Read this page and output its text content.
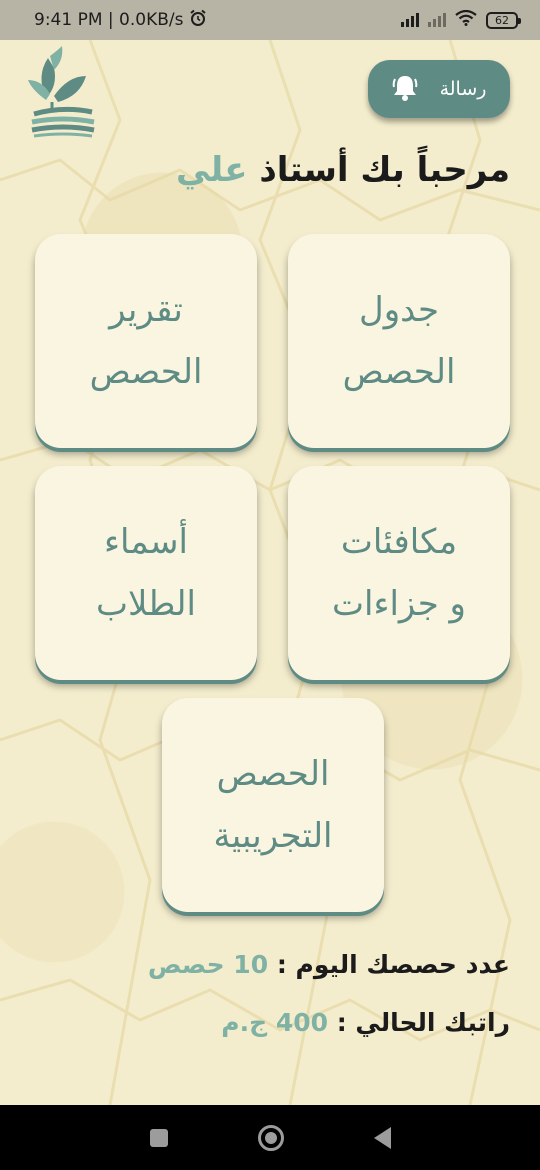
9:41 PM | 0.0KB/s	62
رسالة
مرحباً بك أستاذ علي
جدول
الحصص
تقرير
الحصص
مكافئات
و جزاءات
أسماء
الطلاب
الحصص
التجريبية
عدد حصصك اليوم : 10 حصص
راتبك الحالي : 400 ج.م
